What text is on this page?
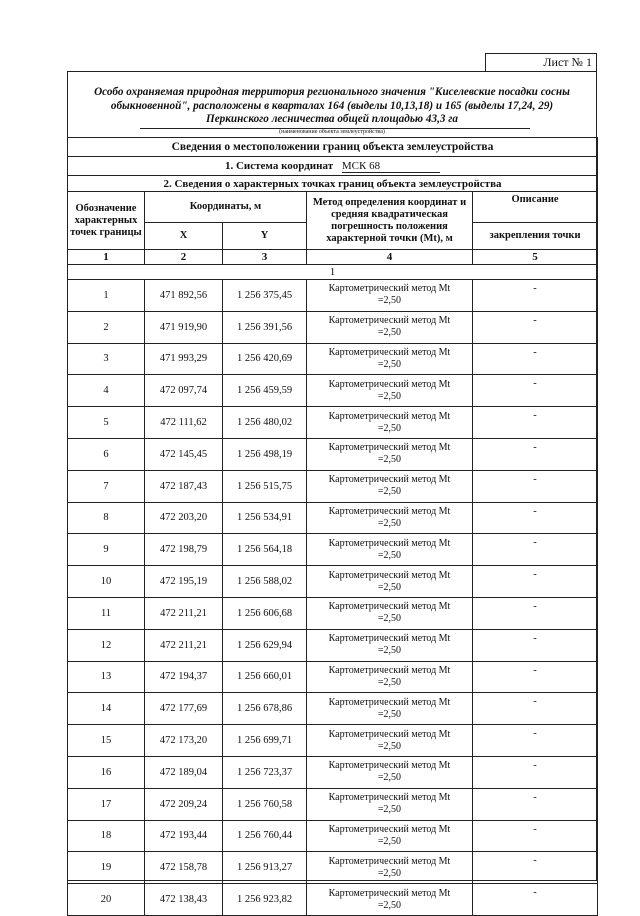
Лист № 1
Особо охраняемая природная территория регионального значения "Киселевские посадки сосны
обыкновенной", расположены в кварталах 164 (выделы 10,13,18) и 165 (выделы 17,24, 29)
Перкинского лесничества общей площадью 43,3 га
(наименование объекта землеустройства)
Сведения о местоположении границ объекта землеустройства				
1. Система координат МСК 68				
2. Сведения о характерных точках границ объекта землеустройства				
Обозначение характерных точек границы	Координаты, м		Метод определения координат и средняя квадратическая погрешность положения характерной точки (Mt), м	Описание
	X	Y		закрепления точки
1	2	3	4	5
1				
1	471 892,56	1 256 375,45	Картометрический метод Mt
=2,50	-
2	471 919,90	1 256 391,56	Картометрический метод Mt
=2,50	-
3	471 993,29	1 256 420,69	Картометрический метод Mt
=2,50	-
4	472 097,74	1 256 459,59	Картометрический метод Mt
=2,50	-
5	472 111,62	1 256 480,02	Картометрический метод Mt
=2,50	-
6	472 145,45	1 256 498,19	Картометрический метод Mt
=2,50	-
7	472 187,43	1 256 515,75	Картометрический метод Mt
=2,50	-
8	472 203,20	1 256 534,91	Картометрический метод Mt
=2,50	-
9	472 198,79	1 256 564,18	Картометрический метод Mt
=2,50	-
10	472 195,19	1 256 588,02	Картометрический метод Mt
=2,50	-
11	472 211,21	1 256 606,68	Картометрический метод Mt
=2,50	-
12	472 211,21	1 256 629,94	Картометрический метод Mt
=2,50	-
13	472 194,37	1 256 660,01	Картометрический метод Mt
=2,50	-
14	472 177,69	1 256 678,86	Картометрический метод Mt
=2,50	-
15	472 173,20	1 256 699,71	Картометрический метод Mt
=2,50	-
16	472 189,04	1 256 723,37	Картометрический метод Mt
=2,50	-
17	472 209,24	1 256 760,58	Картометрический метод Mt
=2,50	-
18	472 193,44	1 256 760,44	Картометрический метод Mt
=2,50	-
19	472 158,78	1 256 913,27	Картометрический метод Mt
=2,50	-
20	472 138,43	1 256 923,82	Картометрический метод Mt
=2,50	-
